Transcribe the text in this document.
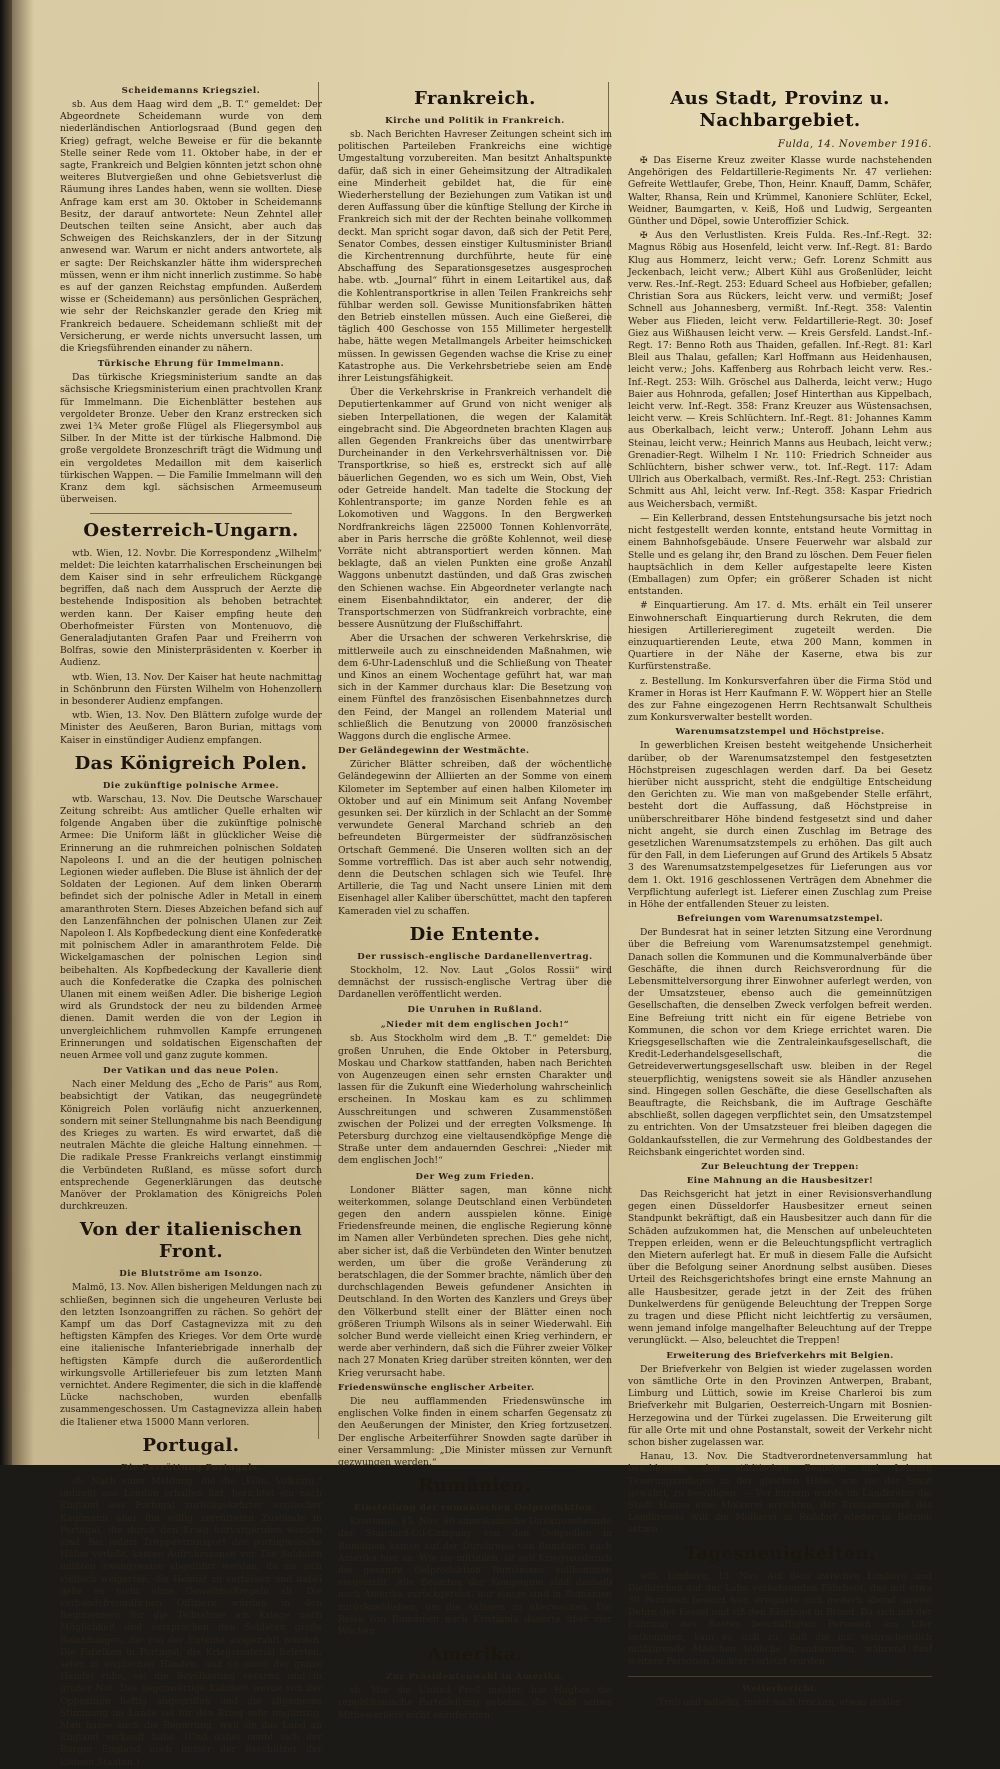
Scheidemanns Kriegsziel.

sb. Aus dem Haag wird dem „B. T.“ gemeldet: Der Abgeordnete Scheidemann wurde von dem niederländischen Antiorlogsraad (Bund gegen den Krieg) gefragt, welche Beweise er für die bekannte Stelle seiner Rede vom 11. Oktober habe, in der er sagte, Frankreich und Belgien könnten jetzt schon ohne weiteres Blutvergießen und ohne Gebietsverlust die Räumung ihres Landes haben, wenn sie wollten. Diese Anfrage kam erst am 30. Oktober in Scheidemanns Besitz, der darauf antwortete: Neun Zehntel aller Deutschen teilten seine Ansicht, aber auch das Schweigen des Reichskanzlers, der in der Sitzung anwesend war. Warum er nicht anders antwortete, als er sagte: Der Reichskanzler hätte ihm widersprechen müssen, wenn er ihm nicht innerlich zustimme. So habe es auf der ganzen Reichstag empfunden. Außerdem wisse er (Scheidemann) aus persönlichen Gesprächen, wie sehr der Reichskanzler gerade den Krieg mit Frankreich bedauere. Scheidemann schließt mit der Versicherung, er werde nichts unversucht lassen, um die Kriegsführenden einander zu nähern.

Türkische Ehrung für Immelmann.

Das türkische Kriegsministerium sandte an das sächsische Kriegsministerium einen prachtvollen Kranz für Immelmann. Die Eichenblätter bestehen aus vergoldeter Bronze. Ueber den Kranz erstrecken sich zwei 1¾ Meter große Flügel als Fliegersymbol aus Silber. In der Mitte ist der türkische Halbmond. Die große vergoldete Bronzeschrift trägt die Widmung und ein vergoldetes Medaillon mit dem kaiserlich türkischen Wappen. — Die Familie Immelmann will den Kranz dem kgl. sächsischen Armeemuseum überweisen.

Oesterreich-Ungarn.

wtb. Wien, 12. Novbr. Die Korrespondenz „Wilhelm“ meldet: Die leichten katarrhalischen Erscheinungen bei dem Kaiser sind in sehr erfreulichem Rückgange begriffen, daß nach dem Ausspruch der Aerzte die bestehende Indisposition als behoben betrachtet werden kann. Der Kaiser empfing heute den Oberhofmeister Fürsten von Montenuovo, die Generaladjutanten Grafen Paar und Freiherrn von Bolfras, sowie den Ministerpräsidenten v. Koerber in Audienz.

wtb. Wien, 13. Nov. Der Kaiser hat heute nachmittag in Schönbrunn den Fürsten Wilhelm von Hohenzollern in besonderer Audienz empfangen.

wtb. Wien, 13. Nov. Den Blättern zufolge wurde der Minister des Aeußeren, Baron Burian, mittags vom Kaiser in einstündiger Audienz empfangen.

Das Königreich Polen.
Die zukünftige polnische Armee.

wtb. Warschau, 13. Nov. Die Deutsche Warschauer Zeitung schreibt: Aus amtlicher Quelle erhalten wir folgende Angaben über die zukünftige polnische Armee: Die Uniform läßt in glücklicher Weise die Erinnerung an die ruhmreichen polnischen Soldaten Napoleons I. und an die der heutigen polnischen Legionen wieder aufleben. Die Bluse ist ähnlich der der Soldaten der Legionen. Auf dem linken Oberarm befindet sich der polnische Adler in Metall in einem amaranthroten Stern. Dieses Abzeichen befand sich auf den Lanzenfähnchen der polnischen Ulanen zur Zeit Napoleon I. Als Kopfbedeckung dient eine Konfederatke mit polnischem Adler in amaranthrotem Felde. Die Wickelgamaschen der polnischen Legion sind beibehalten. Als Kopfbedeckung der Kavallerie dient auch die Konfederatke die Czapka des polnischen Ulanen mit einem weißen Adler. Die bisherige Legion wird als Grundstock der neu zu bildenden Armee dienen. Damit werden die von der Legion in unvergleichlichem ruhmvollen Kampfe errungenen Erinnerungen und soldatischen Eigenschaften der neuen Armee voll und ganz zugute kommen.

Der Vatikan und das neue Polen.

Nach einer Meldung des „Echo de Paris“ aus Rom, beabsichtigt der Vatikan, das neugegründete Königreich Polen vorläufig nicht anzuerkennen, sondern mit seiner Stellungnahme bis nach Beendigung des Krieges zu warten. Es wird erwartet, daß die neutralen Mächte die gleiche Haltung einnehmen. — Die radikale Presse Frankreichs verlangt einstimmig die Verbündeten Rußland, es müsse sofort durch entsprechende Gegenerklärungen das deutsche Manöver der Proklamation des Königreichs Polen durchkreuzen.

Von der italienischen Front.
Die Blutströme am Isonzo.

Malmö, 13. Nov. Allen bisherigen Meldungen nach zu schließen, beginnen sich die ungeheuren Verluste bei den letzten Isonzoangriffen zu rächen. So gehört der Kampf um das Dorf Castagnevizza mit zu den heftigsten Kämpfen des Krieges. Vor dem Orte wurde eine italienische Infanteriebrigade innerhalb der heftigsten Kämpfe durch die außerordentlich wirkungsvolle Artilleriefeuer bis zum letzten Mann vernichtet. Andere Regimenter, die sich in die klaffende Lücke nachschoben, wurden ebenfalls zusammengeschossen. Um Castagnevizza allein haben die Italiener etwa 15000 Mann verloren.

Portugal.
Die Zerrüttung Portugals.

sb. Nach einer Meldung, die die „Köln. Volksztg.“ indirekt aus London erhalten hat, berichtet ein nach England aus Portugal zurückgekehrter englischer Kaufmann über die völlig zerrütteten Zustände in Portugal, die durch den Krieg hervorgerufen worden sind. Bei jedem Truppentransport der portugiesische Häfen verläßt, kämen Aufruhrszenen vor. Die Soldaten müßten zwangsweise abgeführt werden, da sie sich vielfach weigerten, die Heimat zu verlassen und dabei gebe es nicht ohne Gewaltmaßregeln ab. Die verbandsfreundlichen Offiziere würden in den Regimentern für die Teilnahme am Kriege nach Möglichkeit und versprechen den Soldaten große Belohnungen, die von der Entente ausgezahlt würden. Die Fabriken in Portugal, die Kriegsmaterial lieferten, seien in englischen Händen, und so sonst der ganze Handel ruhe, sei die Bevölkerung verarmt und in großer Not. Das gegenwärtige Kabinett werde von der Opposition heftig angegriffen und die allgemeine Stimmung im Lande sei für den Krieg sehr ungünstig. Man hasse auch die Regierung, weil sie das Land an England verkauft habe. (Und dabei nennt sich der Bürger England noch immer der Beschützer der kleinen Staaten.)

Frankreich.
Kirche und Politik in Frankreich.

sb. Nach Berichten Havreser Zeitungen scheint sich im politischen Parteileben Frankreichs eine wichtige Umgestaltung vorzubereiten. Man besitzt Anhaltspunkte dafür, daß sich in einer Geheimsitzung der Altradikalen eine Minderheit gebildet hat, die für eine Wiederherstellung der Beziehungen zum Vatikan ist und deren Auffassung über die künftige Stellung der Kirche in Frankreich sich mit der der Rechten beinahe vollkommen deckt. Man spricht sogar davon, daß sich der Petit Pere, Senator Combes, dessen einstiger Kultusminister Briand die Kirchentrennung durchführte, heute für eine Abschaffung des Separationsgesetzes ausgesprochen habe. wtb. „Journal“ führt in einem Leitartikel aus, daß die Kohlentransportkrise in allen Teilen Frankreichs sehr fühlbar werden soll. Gewisse Munitionsfabriken hätten den Betrieb einstellen müssen. Auch eine Gießerei, die täglich 400 Geschosse von 155 Millimeter hergestellt habe, hätte wegen Metallmangels Arbeiter heimschicken müssen. In gewissen Gegenden wachse die Krise zu einer Katastrophe aus. Die Verkehrsbetriebe seien am Ende ihrer Leistungsfähigkeit.

Über die Verkehrskrise in Frankreich verhandelt die Deputiertenkammer auf Grund von nicht weniger als sieben Interpellationen, die wegen der Kalamität eingebracht sind. Die Abgeordneten brachten Klagen aus allen Gegenden Frankreichs über das unentwirrbare Durcheinander in den Verkehrsverhältnissen vor. Die Transportkrise, so hieß es, erstreckt sich auf alle bäuerlichen Gegenden, wo es sich um Wein, Obst, Vieh oder Getreide handelt. Man tadelte die Stockung der Kohlentransporte; im ganze Norden fehle es an Lokomotiven und Waggons. In den Bergwerken Nordfrankreichs lägen 225000 Tonnen Kohlenvorräte, aber in Paris herrsche die größte Kohlennot, weil diese Vorräte nicht abtransportiert werden können. Man beklagte, daß an vielen Punkten eine große Anzahl Waggons unbenutzt dastünden, und daß Gras zwischen den Schienen wachse. Ein Abgeordneter verlangte nach einem Eisenbahndiktator, ein anderer, der die Transportschmerzen von Südfrankreich vorbrachte, eine bessere Ausnützung der Flußschiffahrt.

Aber die Ursachen der schweren Verkehrskrise, die mittlerweile auch zu einschneidenden Maßnahmen, wie dem 6-Uhr-Ladenschluß und die Schließung von Theater und Kinos an einem Wochentage geführt hat, war man sich in der Kammer durchaus klar: Die Besetzung von einem Fünftel des französischen Eisenbahnnetzes durch den Feind, der Mangel an rollendem Material und schließlich die Benutzung von 20000 französischen Waggons durch die englische Armee.

Der Geländegewinn der Westmächte.

Züricher Blätter schreiben, daß der wöchentliche Geländegewinn der Alliierten an der Somme von einem Kilometer im September auf einen halben Kilometer im Oktober und auf ein Minimum seit Anfang November gesunken sei. Der kürzlich in der Schlacht an der Somme verwundete General Marchand schrieb an den befreundeten Bürgermeister der südfranzösischen Ortschaft Gemmené. Die Unseren wollten sich an der Somme vortrefflich. Das ist aber auch sehr notwendig, denn die Deutschen schlagen sich wie Teufel. Ihre Artillerie, die Tag und Nacht unsere Linien mit dem Eisenhagel aller Kaliber überschüttet, macht den tapferen Kameraden viel zu schaffen.

Die Entente.
Der russisch-englische Dardanellenvertrag.

Stockholm, 12. Nov. Laut „Golos Rossii“ wird demnächst der russisch-englische Vertrag über die Dardanellen veröffentlicht werden.

Die Unruhen in Rußland.
„Nieder mit dem englischen Joch!“

sb. Aus Stockholm wird dem „B. T.“ gemeldet: Die großen Unruhen, die Ende Oktober in Petersburg, Moskau und Charkow stattfanden, haben nach Berichten von Augenzeugen einen sehr ernsten Charakter und lassen für die Zukunft eine Wiederholung wahrscheinlich erscheinen. In Moskau kam es zu schlimmen Ausschreitungen und schweren Zusammenstößen zwischen der Polizei und der erregten Volksmenge. In Petersburg durchzog eine vieltausendköpfige Menge die Straße unter dem andauernden Geschrei: „Nieder mit dem englischen Joch!“

Der Weg zum Frieden.

Londoner Blätter sagen, man könne nicht weiterkommen, solange Deutschland einen Verbündeten gegen den andern ausspielen könne. Einige Friedensfreunde meinen, die englische Regierung könne im Namen aller Verbündeten sprechen. Dies gehe nicht, aber sicher ist, daß die Verbündeten den Winter benutzen werden, um über die große Veränderung zu beratschlagen, die der Sommer brachte, nämlich über den durchschlagenden Beweis gefundener Ansichten in Deutschland. In den Worten des Kanzlers und Greys über den Völkerbund stellt einer der Blätter einen noch größeren Triumph Wilsons als in seiner Wiederwahl. Ein solcher Bund werde vielleicht einen Krieg verhindern, er werde aber verhindern, daß sich die Führer zweier Völker nach 27 Monaten Krieg darüber streiten könnten, wer den Krieg verursacht habe.

Friedenswünsche englischer Arbeiter.

Die neu aufflammenden Friedenswünsche im englischen Volke finden in einem scharfen Gegensatz zu den Aeußerungen der Minister, den Krieg fortzusetzen. Der englische Arbeiterführer Snowden sagte darüber in einer Versammlung: „Die Minister müssen zur Vernunft gezwungen werden.“

Rumänien.
Einstellung der rumänischen Oelproduktion.

Kristiania, 13. Nov. 40 amerikanische Direktionsbeamte der Standard-Oil-Company von den Oelquellen in Rumänien kamen auf der Durchreise von Rumänien nach Amerika hier an. Wie sie mitteilen, ist seit Kriegsausbruch die gesamte Oelproduktion Rumäniens vollkommen eingestellt. Alle Beamten der Kompagnie sind deshalb nach Amerika zurückgereist, nur einige sind in Rumänien zurückgeblieben, um die Anlagen zu überwachen. Die Reise von Rumänien nach Kristiania dauerte über vier Wochen.

Amerika.
Zur Präsidentenwahl in Amerika.

sb. Wie die United Preß meldet, hat Hughes die republikanische Parteileitung gebeten, die Wahl seines Mitbewerbers nicht anzufechten.

Aus Stadt, Provinz u. Nachbargebiet.
Fulda, 14. November 1916.

✠ Das Eiserne Kreuz zweiter Klasse wurde nachstehenden Angehörigen des Feldartillerie-Regiments Nr. 47 verliehen: Gefreite Wettlaufer, Grebe, Thon, Heinr. Knauff, Damm, Schäfer, Walter, Rhansa, Rein und Krümmel, Kanoniere Schlüter, Eckel, Weidner, Baumgarten, v. Keiß, Hoß und Ludwig, Sergeanten Günther und Döpel, sowie Unteroffizier Schick.

✠ Aus den Verlustlisten. Kreis Fulda. Res.-Inf.-Regt. 32: Magnus Röbig aus Hosenfeld, leicht verw. Inf.-Regt. 81: Bardo Klug aus Hommerz, leicht verw.; Gefr. Lorenz Schmitt aus Jeckenbach, leicht verw.; Albert Kühl aus Großenlüder, leicht verw. Res.-Inf.-Regt. 253: Eduard Scheel aus Hofbieber, gefallen; Christian Sora aus Rückers, leicht verw. und vermißt; Josef Schnell aus Johannesberg, vermißt. Inf.-Regt. 358: Valentin Weber aus Flieden, leicht verw. Feldartillerie-Regt. 30: Josef Giez aus Wißhausen leicht verw. — Kreis Gersfeld. Landst.-Inf.-Regt. 17: Benno Roth aus Thaiden, gefallen. Inf.-Regt. 81: Karl Bleil aus Thalau, gefallen; Karl Hoffmann aus Heidenhausen, leicht verw.; Johs. Kaffenberg aus Rohrbach leicht verw. Res.-Inf.-Regt. 253: Wilh. Gröschel aus Dalherda, leicht verw.; Hugo Baier aus Hohnroda, gefallen; Josef Hinterthan aus Kippelbach, leicht verw. Inf.-Regt. 358: Franz Kreuzer aus Wüstensachsen, leicht verw. — Kreis Schlüchtern. Inf.-Regt. 81: Johannes Kamm aus Oberkalbach, leicht verw.; Unteroff. Johann Lehm aus Steinau, leicht verw.; Heinrich Manns aus Heubach, leicht verw.; Grenadier-Regt. Wilhelm I Nr. 110: Friedrich Schneider aus Schlüchtern, bisher schwer verw., tot. Inf.-Regt. 117: Adam Ullrich aus Oberkalbach, vermißt. Res.-Inf.-Regt. 253: Christian Schmitt aus Ahl, leicht verw. Inf.-Regt. 358: Kaspar Friedrich aus Weichersbach, vermißt.

— Ein Kellerbrand, dessen Entstehungsursache bis jetzt noch nicht festgestellt werden konnte, entstand heute Vormittag in einem Bahnhofsgebäude. Unsere Feuerwehr war alsbald zur Stelle und es gelang ihr, den Brand zu löschen. Dem Feuer fielen hauptsächlich in dem Keller aufgestapelte leere Kisten (Emballagen) zum Opfer; ein größerer Schaden ist nicht entstanden.

# Einquartierung. Am 17. d. Mts. erhält ein Teil unserer Einwohnerschaft Einquartierung durch Rekruten, die dem hiesigen Artillerieregiment zugeteilt werden. Die einzuquartierenden Leute, etwa 200 Mann, kommen in Quartiere in der Nähe der Kaserne, etwa bis zur Kurfürstenstraße.

z. Bestellung. Im Konkursverfahren über die Firma Stöd und Kramer in Horas ist Herr Kaufmann F. W. Wöppert hier an Stelle des zur Fahne eingezogenen Herrn Rechtsanwalt Schultheis zum Konkursverwalter bestellt worden.

Warenumsatzstempel und Höchstpreise.

In gewerblichen Kreisen besteht weitgehende Unsicherheit darüber, ob der Warenumsatzstempel den festgesetzten Höchstpreisen zugeschlagen werden darf. Da bei Gesetz hierüber nicht ausspricht, steht die endgültige Entscheidung den Gerichten zu. Wie man von maßgebender Stelle erfährt, besteht dort die Auffassung, daß Höchstpreise in unüberschreitbarer Höhe bindend festgesetzt sind und daher nicht angeht, sie durch einen Zuschlag im Betrage des gesetzlichen Warenumsatzstempels zu erhöhen. Das gilt auch für den Fall, in dem Lieferungen auf Grund des Artikels 5 Absatz 3 des Warenumsatzstempelgesetzes für Lieferungen aus vor dem 1. Okt. 1916 geschlossenen Verträgen dem Abnehmer die Verpflichtung auferlegt ist. Lieferer einen Zuschlag zum Preise in Höhe der entfallenden Steuer zu leisten.

Befreiungen vom Warenumsatzstempel.

Der Bundesrat hat in seiner letzten Sitzung eine Verordnung über die Befreiung vom Warenumsatzstempel genehmigt. Danach sollen die Kommunen und die Kommunalverbände über Geschäfte, die ihnen durch Reichsverordnung für die Lebensmittelversorgung ihrer Einwohner auferlegt werden, von der Umsatzsteuer, ebenso auch die gemeinnützigen Gesellschaften, die denselben Zweck verfolgen befreit werden. Eine Befreiung tritt nicht ein für eigene Betriebe von Kommunen, die schon vor dem Kriege errichtet waren. Die Kriegsgesellschaften wie die Zentraleinkaufsgesellschaft, die Kredit-Lederhandelsgesellschaft, die Getreideverwertungsgesellschaft usw. bleiben in der Regel steuerpflichtig, wenigstens soweit sie als Händler anzusehen sind. Hingegen sollen Geschäfte, die diese Gesellschaften als Beauftragte, die Reichsbank, die im Auftrage Geschäfte abschließt, sollen dagegen verpflichtet sein, den Umsatzstempel zu entrichten. Von der Umsatzsteuer frei bleiben dagegen die Goldankaufsstellen, die zur Vermehrung des Goldbestandes der Reichsbank eingerichtet worden sind.

Zur Beleuchtung der Treppen:
Eine Mahnung an die Hausbesitzer!

Das Reichsgericht hat jetzt in einer Revisionsverhandlung gegen einen Düsseldorfer Hausbesitzer erneut seinen Standpunkt bekräftigt, daß ein Hausbesitzer auch dann für die Schäden aufzukommen hat, die Menschen auf unbeleuchteten Treppen erleiden, wenn er die Beleuchtungspflicht vertraglich den Mietern auferlegt hat. Er muß in diesem Falle die Aufsicht über die Befolgung seiner Anordnung selbst ausüben. Dieses Urteil des Reichsgerichtshofes bringt eine ernste Mahnung an alle Hausbesitzer, gerade jetzt in der Zeit des frühen Dunkelwerdens für genügende Beleuchtung der Treppen Sorge zu tragen und diese Pflicht nicht leichtfertig zu versäumen, wenn jemand infolge mangelhafter Beleuchtung auf der Treppe verunglückt. — Also, beleuchtet die Treppen!

Erweiterung des Briefverkehrs mit Belgien.

Der Briefverkehr von Belgien ist wieder zugelassen worden von sämtliche Orte in den Provinzen Antwerpen, Brabant, Limburg und Lüttich, sowie im Kreise Charleroi bis zum Briefverkehr mit Bulgarien, Oesterreich-Ungarn mit Bosnien-Herzegowina und der Türkei zugelassen. Die Erweiterung gilt für alle Orte mit und ohne Postanstalt, soweit der Verkehr nicht schon bisher zugelassen war.

Hanau, 13. Nov. Die Stadtverordnetenversammlung hat beschlossen, den städtischen Beamten und Lehrern Teuerungszulagen in der gleichen Höhe, wie sie der Staat gewährt, zu bewilligen. — Vor kurzem wurde im Landkreise die Stadt Hanau eine Molkerei errichten, der Kreisausschuß des Landkreises will die Molkerei in Roßdorf wieder in Betrieb setzen.

Tagesneuigkeiten.

wtb. Limburg, 13. Nov. Auf dem zwischen Limburg und Dietkirchen auf der Lahn verkehrenden Fährboot, das mit etwa 30 Personen besetzt war, ereignete sich gestern abend unweit Dehrn der Kessel und riß den Fährboot in Brand. Da sich mit der Führung des Bootes beschäftigten Personen ans Ufer entkommen, kam es sich zu, daß die mit wahrscheinlich mitfahrende Mädchen tödliche Brandwunden, während fünf weitere Personen leichter verletzt wurden.

Wetterbericht.

Trüb und nebelig, meist noch trocken, etwas milder.
